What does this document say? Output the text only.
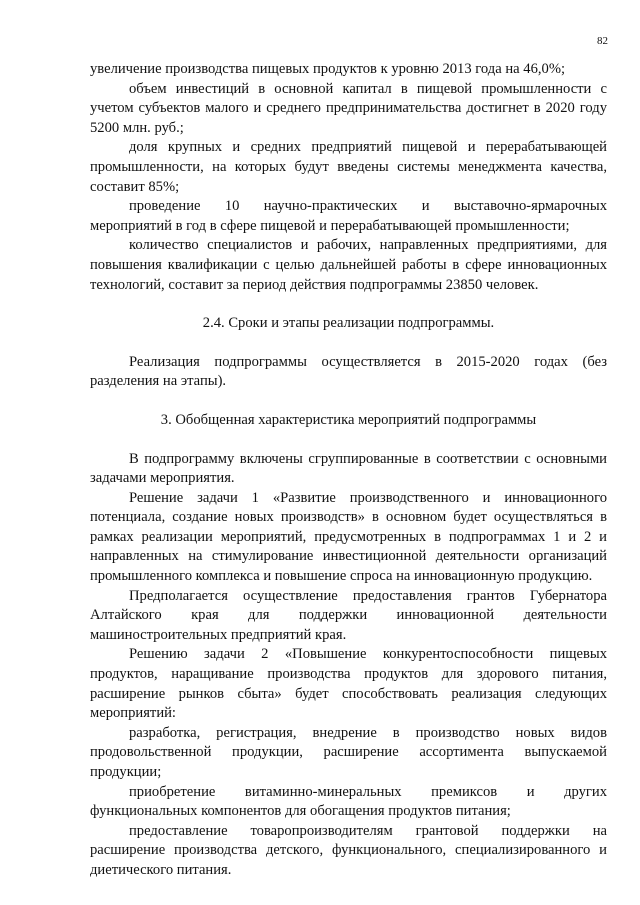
82

увеличение производства пищевых продуктов к уровню 2013 года на 46,0%;

объем инвестиций в основной капитал в пищевой промышленности с учетом субъектов малого и среднего предпринимательства достигнет в 2020 году 5200 млн. руб.;

доля крупных и средних предприятий пищевой и перерабатывающей промышленности, на которых будут введены системы менеджмента качества, составит 85%;

проведение 10 научно-практических и выставочно-ярмарочных мероприятий в год в сфере пищевой и перерабатывающей промышленности;

количество специалистов и рабочих, направленных предприятиями, для повышения квалификации с целью дальнейшей работы в сфере инновационных технологий, составит за период действия подпрограммы 23850 человек.

2.4. Сроки и этапы реализации подпрограммы.

Реализация подпрограммы осуществляется в 2015-2020 годах (без разделения на этапы).

3. Обобщенная характеристика мероприятий подпрограммы

В подпрограмму включены сгруппированные в соответствии с основными задачами мероприятия.

Решение задачи 1 «Развитие производственного и инновационного потенциала, создание новых производств» в основном будет осуществляться в рамках реализации мероприятий, предусмотренных в подпрограммах 1 и 2 и направленных на стимулирование инвестиционной деятельности организаций промышленного комплекса и повышение спроса на инновационную продукцию.

Предполагается осуществление предоставления грантов Губернатора Алтайского края для поддержки инновационной деятельности машиностроительных предприятий края.

Решению задачи 2 «Повышение конкурентоспособности пищевых продуктов, наращивание производства продуктов для здорового питания, расширение рынков сбыта» будет способствовать реализация следующих мероприятий:

разработка, регистрация, внедрение в производство новых видов продовольственной продукции, расширение ассортимента выпускаемой продукции;

приобретение витаминно-минеральных премиксов и других функциональных компонентов для обогащения продуктов питания;

предоставление товаропроизводителям грантовой поддержки на расширение производства детского, функционального, специализированного и диетического питания.
